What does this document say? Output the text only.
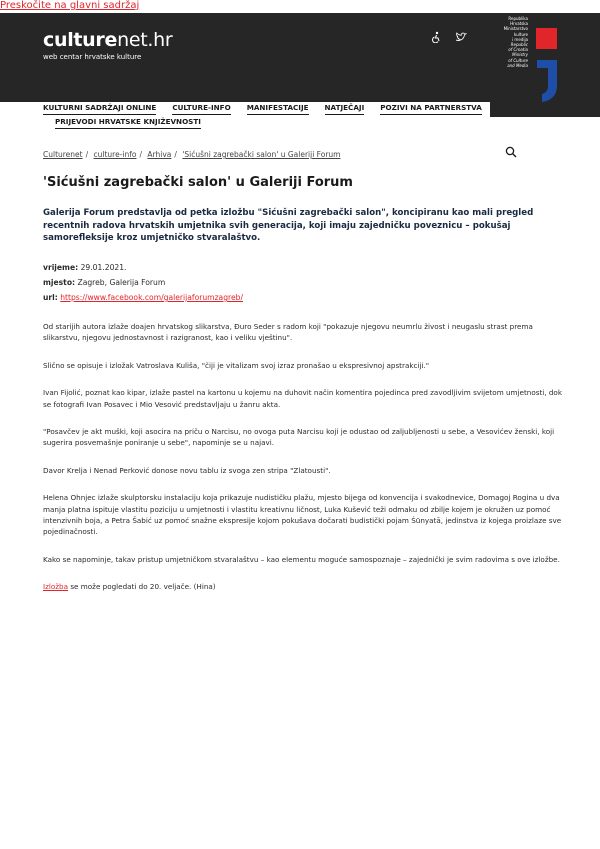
Preskočite na glavni sadržaj
culturenet.hr
web centar hrvatske kulture
Republika
Hrvatska
Ministarstvo
kulture
i medija
Republic
of Croatia
Ministry
of Culture
and Media
KULTURNI SADRŽAJI ONLINE CULTURE-INFO MANIFESTACIJE NATJEČAJI POZIVI NA PARTNERSTVA
PRIJEVODI HRVATSKE KNJIŽEVNOSTI
Culturenet / culture-info / Arhiva / 'Sićušni zagrebački salon' u Galeriji Forum
'Sićušni zagrebački salon' u Galeriji Forum
Galerija Forum predstavlja od petka izložbu "Sićušni zagrebački salon", koncipiranu kao mali pregled recentnih radova hrvatskih umjetnika svih generacija, koji imaju zajedničku poveznicu – pokušaj samorefleksije kroz umjetničko stvaralaštvo.
vrijeme: 29.01.2021.
mjesto: Zagreb, Galerija Forum
url: https://www.facebook.com/galerijaforumzagreb/

Od starijih autora izlaže doajen hrvatskog slikarstva, Đuro Seder s radom koji "pokazuje njegovu neumrlu živost i neugaslu strast prema slikarstvu, njegovu jednostavnost i razigranost, kao i veliku vještinu".

Slično se opisuje i izložak Vatroslava Kuliša, "čiji je vitalizam svoj izraz pronašao u ekspresivnoj apstrakciji."

Ivan Fijolić, poznat kao kipar, izlaže pastel na kartonu u kojemu na duhovit način komentira pojedinca pred zavodljivim svijetom umjetnosti, dok se fotografi Ivan Posavec i Mio Vesović predstavljaju u žanru akta.

"Posavčev je akt muški, koji asocira na priču o Narcisu, no ovoga puta Narcisu koji je odustao od zaljubljenosti u sebe, a Vesovićev ženski, koji sugerira posvemašnje poniranje u sebe", napominje se u najavi.

Davor Krelja i Nenad Perković donose novu tablu iz svoga zen stripa "Zlatousti".

Helena Ohnjec izlaže skulptorsku instalaciju koja prikazuje nudističku plažu, mjesto bijega od konvencija i svakodnevice, Domagoj Rogina u dva manja platna ispituje vlastitu poziciju u umjetnosti i vlastitu kreativnu ličnost, Luka Kušević teži odmaku od zbilje kojem je okružen uz pomoć intenzivnih boja, a Petra Šabić uz pomoć snažne ekspresije kojom pokušava dočarati budistički pojam Śūnyatā, jedinstva iz kojega proizlaze sve pojedinačnosti.

Kako se napominje, takav pristup umjetničkom stvaralaštvu – kao elementu moguće samospoznaje – zajednički je svim radovima s ove izložbe.

Izložba se može pogledati do 20. veljače. (Hina)
